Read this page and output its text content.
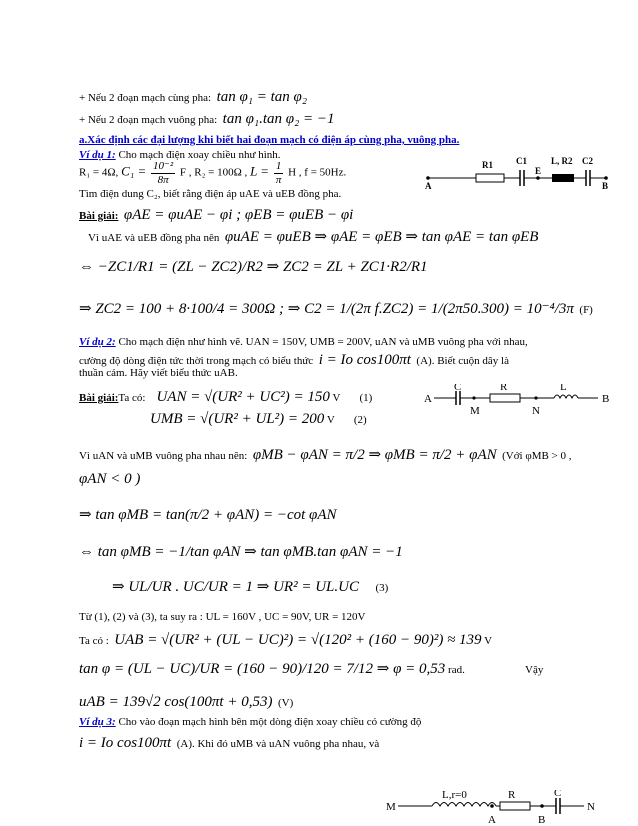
+ Nếu 2 đoạn mạch cùng pha: tan φ₁ = tan φ₂
+ Nếu 2 đoạn mạch vuông pha: tan φ₁.tan φ₂ = −1
a.Xác định các đại lượng khi biết hai đoạn mạch có điện áp cùng pha, vuông pha.
Ví dụ 1: Cho mạch điện xoay chiều như hình.
R₁ = 4Ω, $C_1 = \frac{\text{10⁻²}}{8\pi}$ F , R₂ = 100Ω , $L = \frac{1}{\pi}$ H , f = 50Hz.
A
R1	C1
E
L, R2 C2
B
Tìm điện dung C₂, biết rằng điện áp uAE và uEB đồng pha.
Bài giải: φAE = φuAE − φi ; φEB = φuEB − φi
Vì uAE và uEB đồng pha nên φuAE = φuEB ⇒ φAE = φEB ⇒ tan φAE = tan φEB
⇔ −ZC1/R1 = (ZL − ZC2)/R2 ⇒ ZC2 = ZL + ZC1·R2/R1
⇒ ZC2 = 100 + 8·100/4 = 300Ω ; ⇒ C2 = 1/(2π f.ZC2) = 1/(2π50.300) = 10⁻⁴/3π (F)
Ví dụ 2: Cho mạch điện như hình vẽ. UAN = 150V, UMB = 200V, uAN và uMB vuông pha với nhau,
cường độ dòng điện tức thời trong mạch có biểu thức i = Io cos100πt (A). Biết cuộn dây là
thuần cảm. Hãy viết biểu thức uAB.
Bài giải:Ta có: UAN = √(UR² + UC²) = 150 V (1)	A
C
M
R
N
L
B
UMB = √(UR² + UL²) = 200 V (2)
Vì uAN và uMB vuông pha nhau nên: φMB − φAN = π/2 ⇒ φMB = π/2 + φAN (Với φMB > 0 ,
φAN < 0 )
⇒ tan φMB = tan(π/2 + φAN) = −cot φAN
⇔ tan φMB = −1/tan φAN ⇒ tan φMB.tan φAN = −1
⇒ UL/UR . UC/UR = 1 ⇒ UR² = UL.UC (3)
Từ (1), (2) và (3), ta suy ra : UL = 160V , UC = 90V, UR = 120V
Ta có : UAB = √(UR² + (UL − UC)²) = √(120² + (160 − 90)²) ≈ 139 V
tan φ = (UL − UC)/UR = (160 − 90)/120 = 7/12 ⇒ φ = 0,53 rad.	Vậy
uAB = 139√2 cos(100πt + 0,53) (V)
Ví dụ 3: Cho vào đoạn mạch hình bên một dòng điện xoay chiều có cường độ
i = Io cos100πt (A). Khi đó uMB và uAN vuông pha nhau, và
M
L,r=0	R	C
N
A	B
